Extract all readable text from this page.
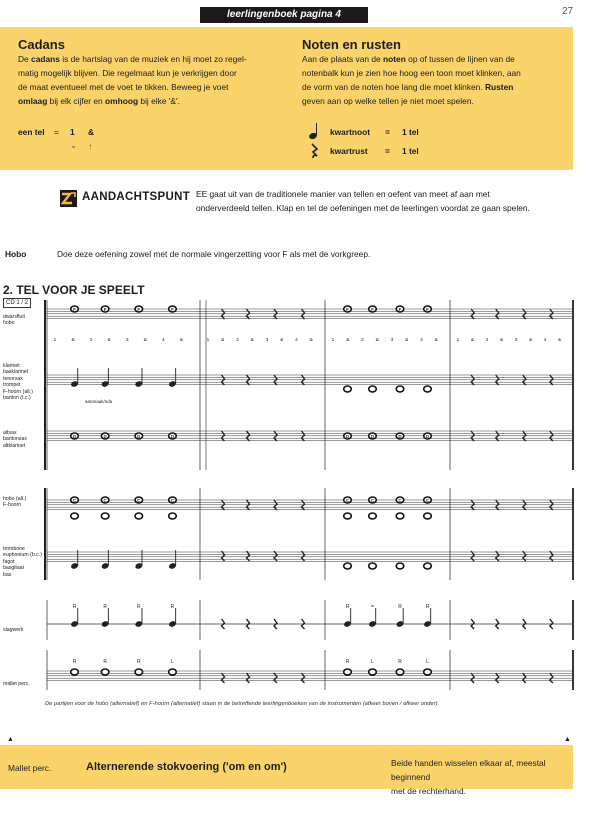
leerlingenboek pagina 4	27
Cadans
De cadans is de hartslag van de muziek en hij moet zo regel-
matig mogelijk blijven. Die regelmaat kun je verkrijgen door
de maat eventueel met de voet te tikken. Beweeg je voet
omlaag bij elk cijfer en omhoog bij elke '&'.
een tel = 1 &
⌄ ↑
Noten en rusten
Aan de plaats van de noten op of tussen de lijnen van de
notenbalk kun je zien hoe hoog een toon moet klinken, aan
de vorm van de noten hoe lang die moet klinken. Rusten
geven aan op welke tellen je niet moet spelen.
kwartnoot = 1 tel
kwartrust = 1 tel
AANDACHTSPUNT EE gaat uit van de traditionele manier van tellen en oefent van meet af aan met
onderverdeeld tellen. Klap en tel de oefeningen met de leerlingen voordat ze gaan spelen.
Hobo	Doe deze oefening zowel met de normale vingerzetting voor F als met de vorkgreep.
2. TEL VOOR JE SPEELT
CD 1 / 2
dwarsfluit
hobo
klarinet
basklarinet
tenorsax
trompet
F-hoorn (alt.)
bariton (t.c.)
altsax
baritonsax
altklarinet
hobo (alt.)
F-hoorn
trombone
euphonium (b.c.)
fagot
basgitaar
bas
slagwerk
mallet perc.
F	F	F	F	F	F	F	F
1	&	2	&	3	&	4	&	1 & 2 & 3 & 4 &	1 & 2 & 3 & 4 &	1 & 2 & 3 & 4 &
aanmaak/nda
D	D	D	D	D	D	D	D
C	C	C	C	C	C	C	C
R	R	R	R	R	=	R	R
R	R	R	L	R	L	R	L
De partijen voor de hobo (alternatief) en F-hoorn (alternatief) staan in de betreffende leerlingenboeken van de instrumenten (afkeer boven / afkeer onder).
▲	▲
Mallet perc.	Alternerende stokvoering ('om en om')	Beide handen wisselen elkaar af, meestal beginnend
met de rechterhand.
